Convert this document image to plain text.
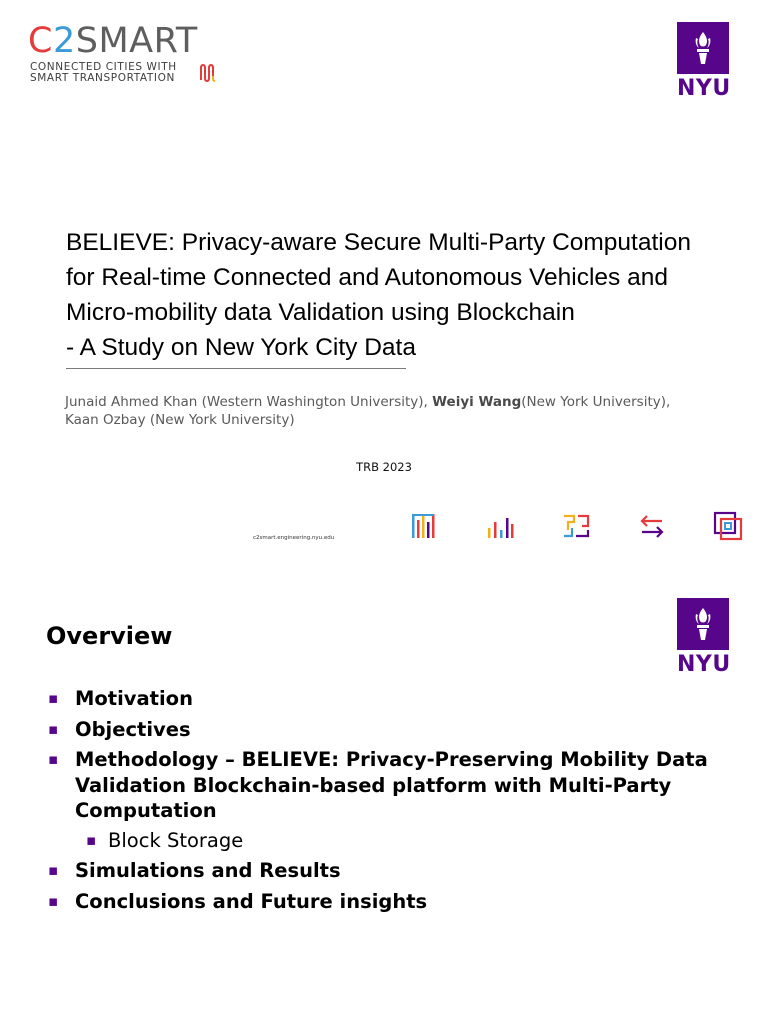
C2SMART
CONNECTED CITIES WITH
SMART TRANSPORTATION	NYU
BELIEVE: Privacy-aware Secure Multi-Party Computation
for Real-time Connected and Autonomous Vehicles and
Micro-mobility data Validation using Blockchain
- A Study on New York City Data
Junaid Ahmed Khan (Western Washington University), Weiyi Wang(New York University), Kaan Ozbay (New York University)
TRB 2023
c2smart.engineering.nyu.edu
Overview
NYU
▪ Motivation
▪ Objectives
▪ Methodology – BELIEVE: Privacy-Preserving Mobility Data Validation Blockchain-based platform with Multi-Party Computation
▪ Block Storage
▪ Simulations and Results
▪ Conclusions and Future insights
